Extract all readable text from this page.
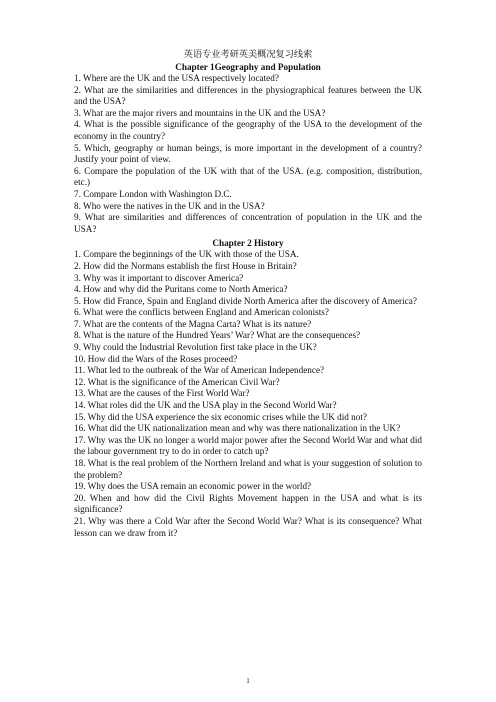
英语专业考研英美概况复习线索
Chapter 1Geography and Population

1. Where are the UK and the USA respectively located?

2. What are the similarities and differences in the physiographical features between the UK and the USA?

3. What are the major rivers and mountains in the UK and the USA?

4. What is the possible significance of the geography of the USA to the development of the economy in the country?

5. Which, geography or human beings, is more important in the development of a country? Justify your point of view.

6. Compare the population of the UK with that of the USA. (e.g. composition, distribution, etc.)

7. Compare London with Washington D.C.

8. Who were the natives in the UK and in the USA?

9. What are similarities and differences of concentration of population in the UK and the USA?

Chapter 2 History

1. Compare the beginnings of the UK with those of the USA.

2. How did the Normans establish the first House in Britain?

3. Why was it important to discover America?

4. How and why did the Puritans come to North America?

5. How did France, Spain and England divide North America after the discovery of America?

6. What were the conflicts between England and American colonists?

7. What are the contents of the Magna Carta? What is its nature?

8. What is the nature of the Hundred Years’ War? What are the consequences?

9. Why could the Industrial Revolution first take place in the UK?

10. How did the Wars of the Roses proceed?

11. What led to the outbreak of the War of American Independence?

12. What is the significance of the American Civil War?

13. What are the causes of the First World War?

14. What roles did the UK and the USA play in the Second World War?

15. Why did the USA experience the six economic crises while the UK did not?

16. What did the UK nationalization mean and why was there nationalization in the UK?

17. Why was the UK no longer a world major power after the Second World War and what did the labour government try to do in order to catch up?

18. What is the real problem of the Northern Ireland and what is your suggestion of solution to the problem?

19. Why does the USA remain an economic power in the world?

20. When and how did the Civil Rights Movement happen in the USA and what is its significance?

21. Why was there a Cold War after the Second World War? What is its consequence? What lesson can we draw from it?

1
